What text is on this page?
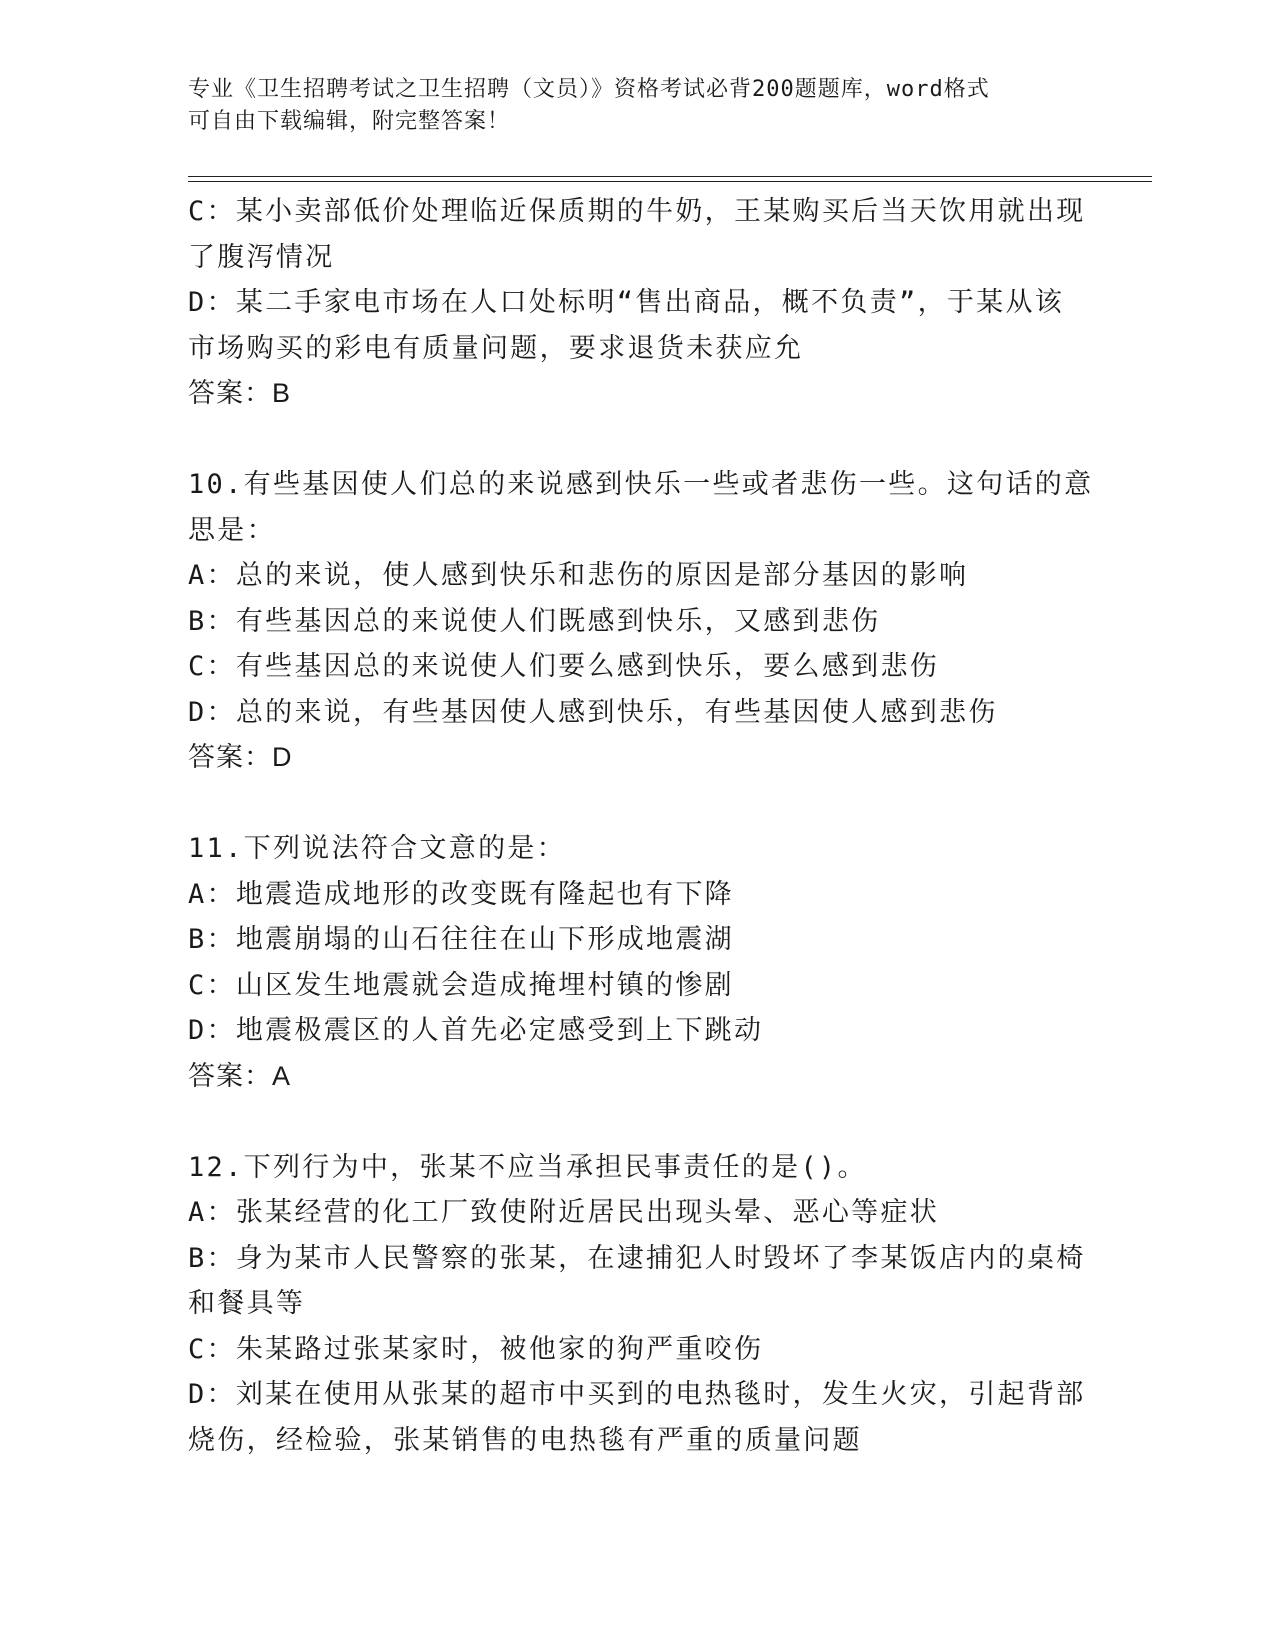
专业《卫生招聘考试之卫生招聘（文员）》资格考试必背200题题库，word格式
可自由下载编辑，附完整答案！
C：某小卖部低价处理临近保质期的牛奶，王某购买后当天饮用就出现
了腹泻情况
D：某二手家电市场在人口处标明“售出商品，概不负责”，于某从该
市场购买的彩电有质量问题，要求退货未获应允
答案：B
10.有些基因使人们总的来说感到快乐一些或者悲伤一些。这句话的意
思是：
A：总的来说，使人感到快乐和悲伤的原因是部分基因的影响
B：有些基因总的来说使人们既感到快乐，又感到悲伤
C：有些基因总的来说使人们要么感到快乐，要么感到悲伤
D：总的来说，有些基因使人感到快乐，有些基因使人感到悲伤
答案：D
11.下列说法符合文意的是：
A：地震造成地形的改变既有隆起也有下降
B：地震崩塌的山石往往在山下形成地震湖
C：山区发生地震就会造成掩埋村镇的惨剧
D：地震极震区的人首先必定感受到上下跳动
答案：A
12.下列行为中，张某不应当承担民事责任的是()。
A：张某经营的化工厂致使附近居民出现头晕、恶心等症状
B：身为某市人民警察的张某，在逮捕犯人时毁坏了李某饭店内的桌椅
和餐具等
C：朱某路过张某家时，被他家的狗严重咬伤
D：刘某在使用从张某的超市中买到的电热毯时，发生火灾，引起背部
烧伤，经检验，张某销售的电热毯有严重的质量问题
